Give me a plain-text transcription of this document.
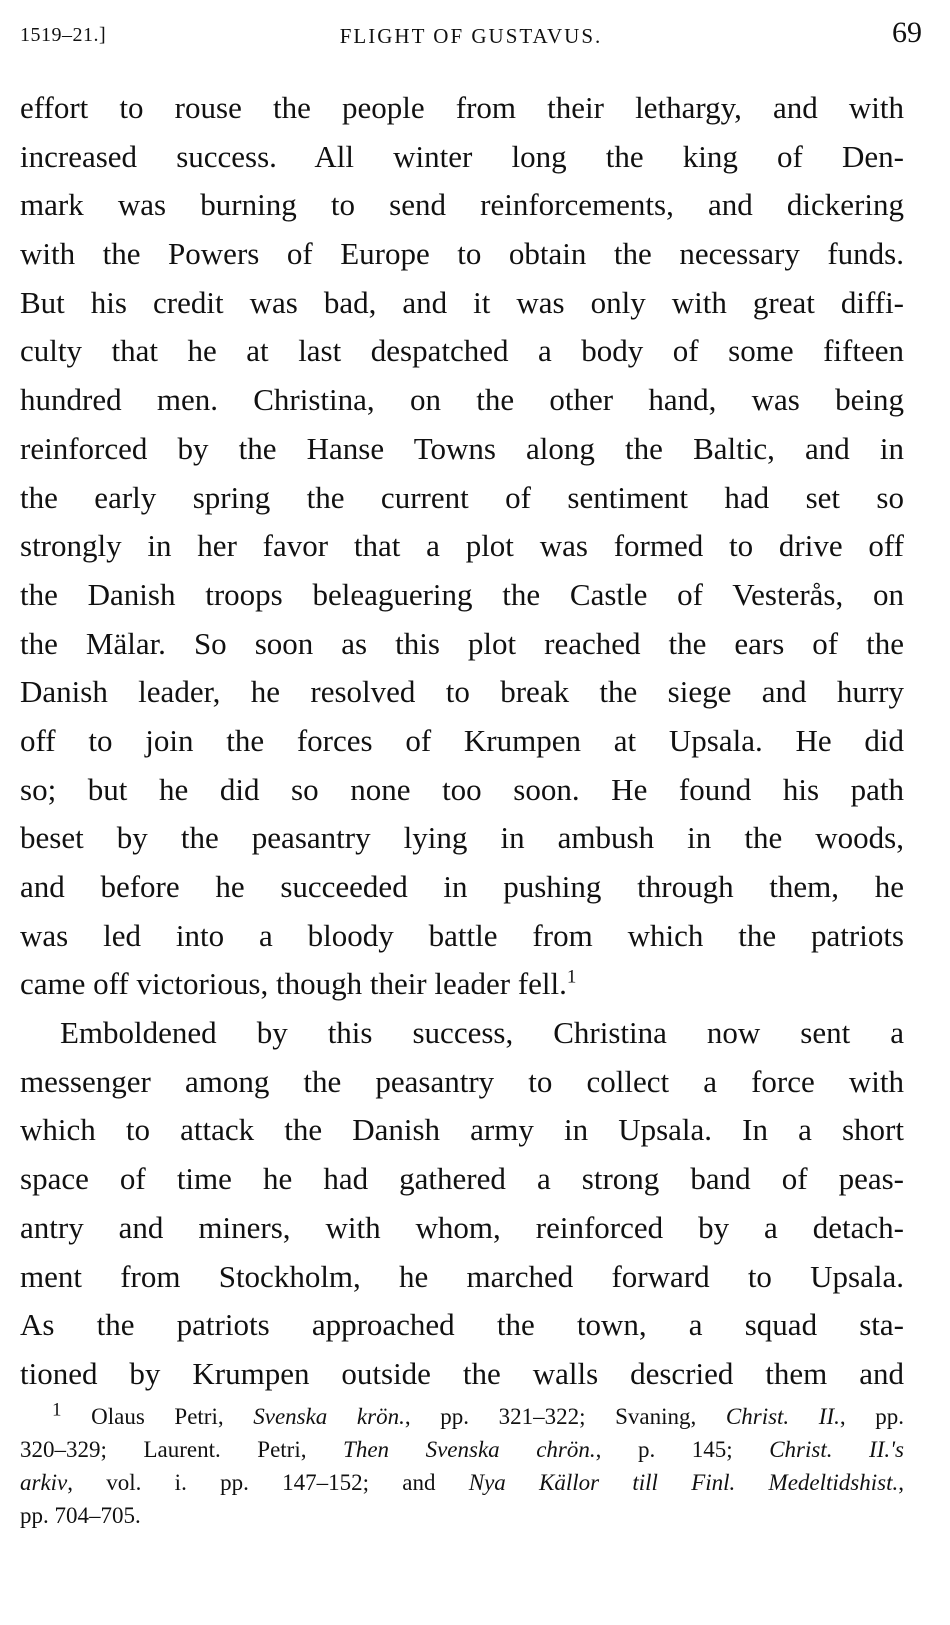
1519–21.]	FLIGHT OF GUSTAVUS.	69
effort to rouse the people from their lethargy, and with
increased success. All winter long the king of Den-
mark was burning to send reinforcements, and dickering
with the Powers of Europe to obtain the necessary funds.
But his credit was bad, and it was only with great diffi-
culty that he at last despatched a body of some fifteen
hundred men. Christina, on the other hand, was being
reinforced by the Hanse Towns along the Baltic, and in
the early spring the current of sentiment had set so
strongly in her favor that a plot was formed to drive off
the Danish troops beleaguering the Castle of Vesterås, on
the Mälar. So soon as this plot reached the ears of the
Danish leader, he resolved to break the siege and hurry
off to join the forces of Krumpen at Upsala. He did
so; but he did so none too soon. He found his path
beset by the peasantry lying in ambush in the woods,
and before he succeeded in pushing through them, he
was led into a bloody battle from which the patriots
came off victorious, though their leader fell.$^1$
Emboldened by this success, Christina now sent a
messenger among the peasantry to collect a force with
which to attack the Danish army in Upsala. In a short
space of time he had gathered a strong band of peas-
antry and miners, with whom, reinforced by a detach-
ment from Stockholm, he marched forward to Upsala.
As the patriots approached the town, a squad sta-
tioned by Krumpen outside the walls descried them and
$^1$ Olaus Petri, Svenska krön., pp. 321–322; Svaning, Christ. II., pp.
320–329; Laurent. Petri, Then Svenska chrön., p. 145; Christ. II.'s
arkiv, vol. i. pp. 147–152; and Nya Källor till Finl. Medeltidshist.,
pp. 704–705.
